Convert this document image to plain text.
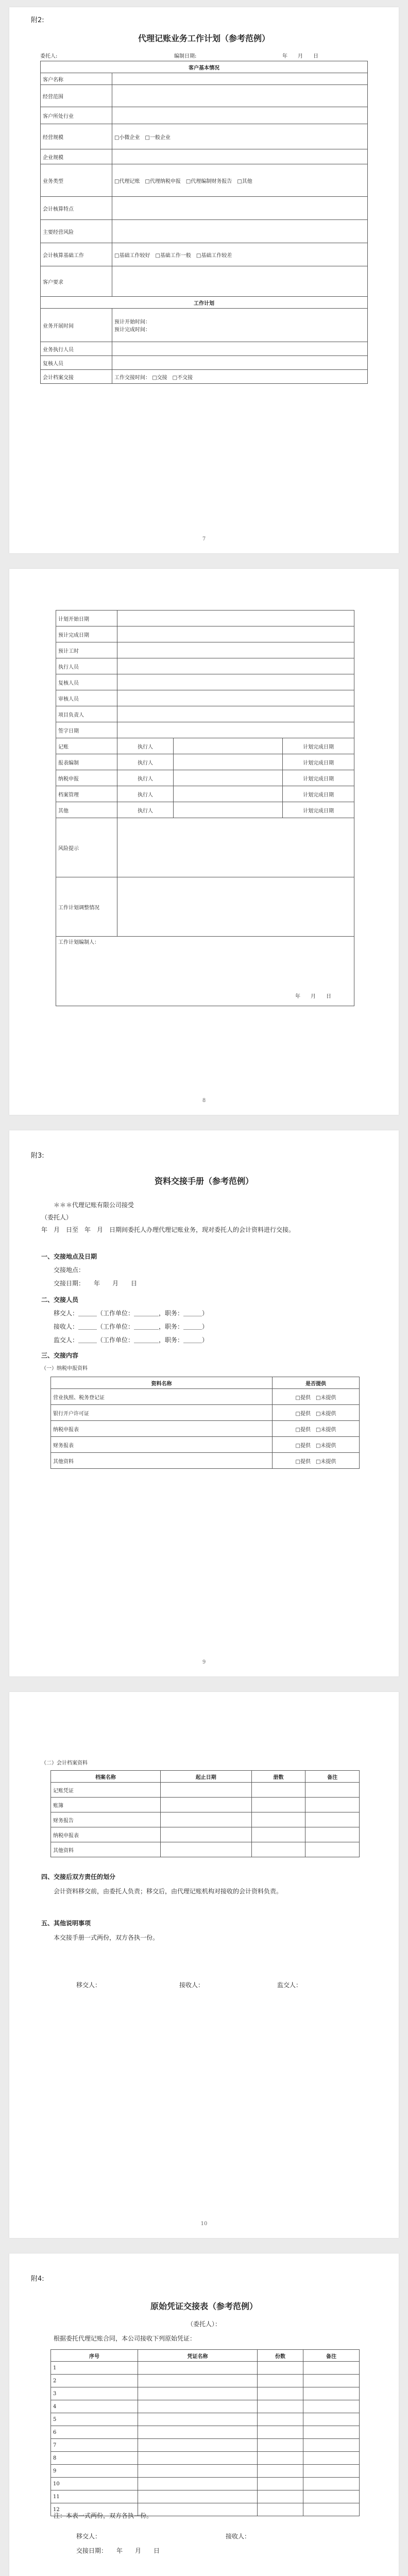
附2:
代理记账业务工作计划（参考范例）
委托人:	编制日期:	年　　月　　日
客户基本情况	
客户名称	
经营范围	
客户所处行业	
经营规模	□小微企业　□一般企业
企业规模	
业务类型	□代理记账　□代理纳税申报　□代理编制财务报告　□其他
会计核算特点	
主要经营风险	
会计核算基础工作	□基础工作较好　□基础工作一般　□基础工作较差
客户要求	
工作计划	
业务开展时间	预计开始时间：
预计完成时间：

业务执行人员	
复核人员	
会计档案交接	工作交接时间： □交接　□不交接
7
计划开始日期			
预计完成日期			
预计工时			
执行人员			
复核人员			
审核人员			
项目负责人			
签字日期			
记账	执行人		计划完成日期
报表编制	执行人		计划完成日期
纳税申报	执行人		计划完成日期
档案管理	执行人		计划完成日期
其他	执行人		计划完成日期
风险提示			
工作计划调整情况			

工作计划编制人：
年　　月　　日			
8
附3:
资料交接手册（参考范例）
＊＊＊代理记账有限公司接受
（委托人）
年　月　日至　年　月　日期间委托人办理代理记账业务，现对委托人的会计资料进行交接。
一、交接地点及日期
交接地点：
交接日期：　　年　　月　　日
二、交接人员
移交人：＿＿＿（工作单位：＿＿＿＿，职务：＿＿＿）
接收人：＿＿＿（工作单位：＿＿＿＿，职务：＿＿＿）
监交人：＿＿＿（工作单位：＿＿＿＿，职务：＿＿＿）
三、交接内容
（一）纳税申报资料
资料名称	是否提供
营业执照、税务登记证	□提供　□未提供
银行开户许可证	□提供　□未提供
纳税申报表	□提供　□未提供
财务报表	□提供　□未提供
其他资料	□提供　□未提供
9
（二）会计档案资料
档案名称	起止日期	册数	备注
记账凭证			
账簿			
财务报告			
纳税申报表			
其他资料			
四、交接后双方责任的划分
会计资料移交前，由委托人负责；移交后，由代理记账机构对接收的会计资料负责。
五、其他说明事项
本交接手册一式两份，双方各执一份。
移交人：	接收人：	监交人：
10
附4:
原始凭证交接表（参考范例）
（委托人）：
根据委托代理记账合同，本公司接收下列原始凭证：
序号	凭证名称	份数	备注
1			
2			
3			
4			
5			
6			
7			
8			
9			
10			
11			
12			
注：本表一式两份，双方各执一份。
移交人：	接收人：
交接日期：　　年　　月　　日
